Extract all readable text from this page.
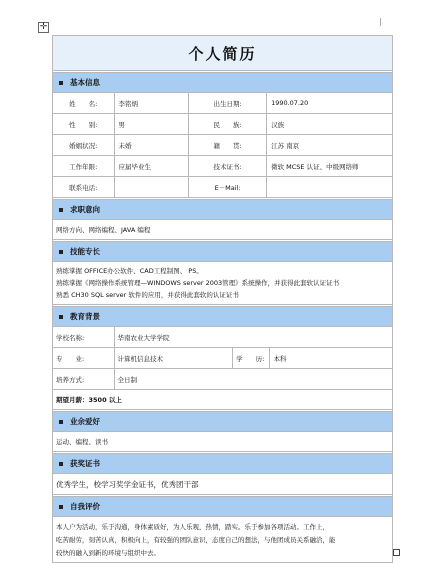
✛
个人简历
基本信息
姓　　名:	李铭炳	出生日期:	1990.07.20
性　　别:	男	民　　族:	汉族
婚姻状况:	未婚	籍　　贯:	江苏 南京
工作年限:	应届毕业生	技术证书:	微软 MCSE 认证、中级网络师
联系电话:		E－Mail:	
求职意向
网络方向、网络编程、JAVA 编程
技能专长
熟练掌握 OFFICE办公软件、CAD工程制图、 PS。
熟练掌握《网络操作系统管理—WINDOWS server 2003管理》系统操作，并获得此套软认证证书
熟悉 CH30 SQL server 软件的应用，并获得此套软的认证证书
教育背景
学校名称:	华南农业大学学院		
专　　业:	计算机信息技术	学　　历:	本科
培养方式:	全日制		
期望月薪：3500 以上
业余爱好
运动、编程、读书
获奖证书
优秀学生，校学习奖学金证书，优秀团干部
自我评价
本人户为活动，乐于沟通，身体素质好，为人乐观，热情，踏实。乐于参加各项活动。工作上，
吃苦耐劳，刻苦认真，积极向上，有较强的团队意识，态度自己的想法，与他团成员关系融洽，能
较快的融入到新的环境与组织中去。
